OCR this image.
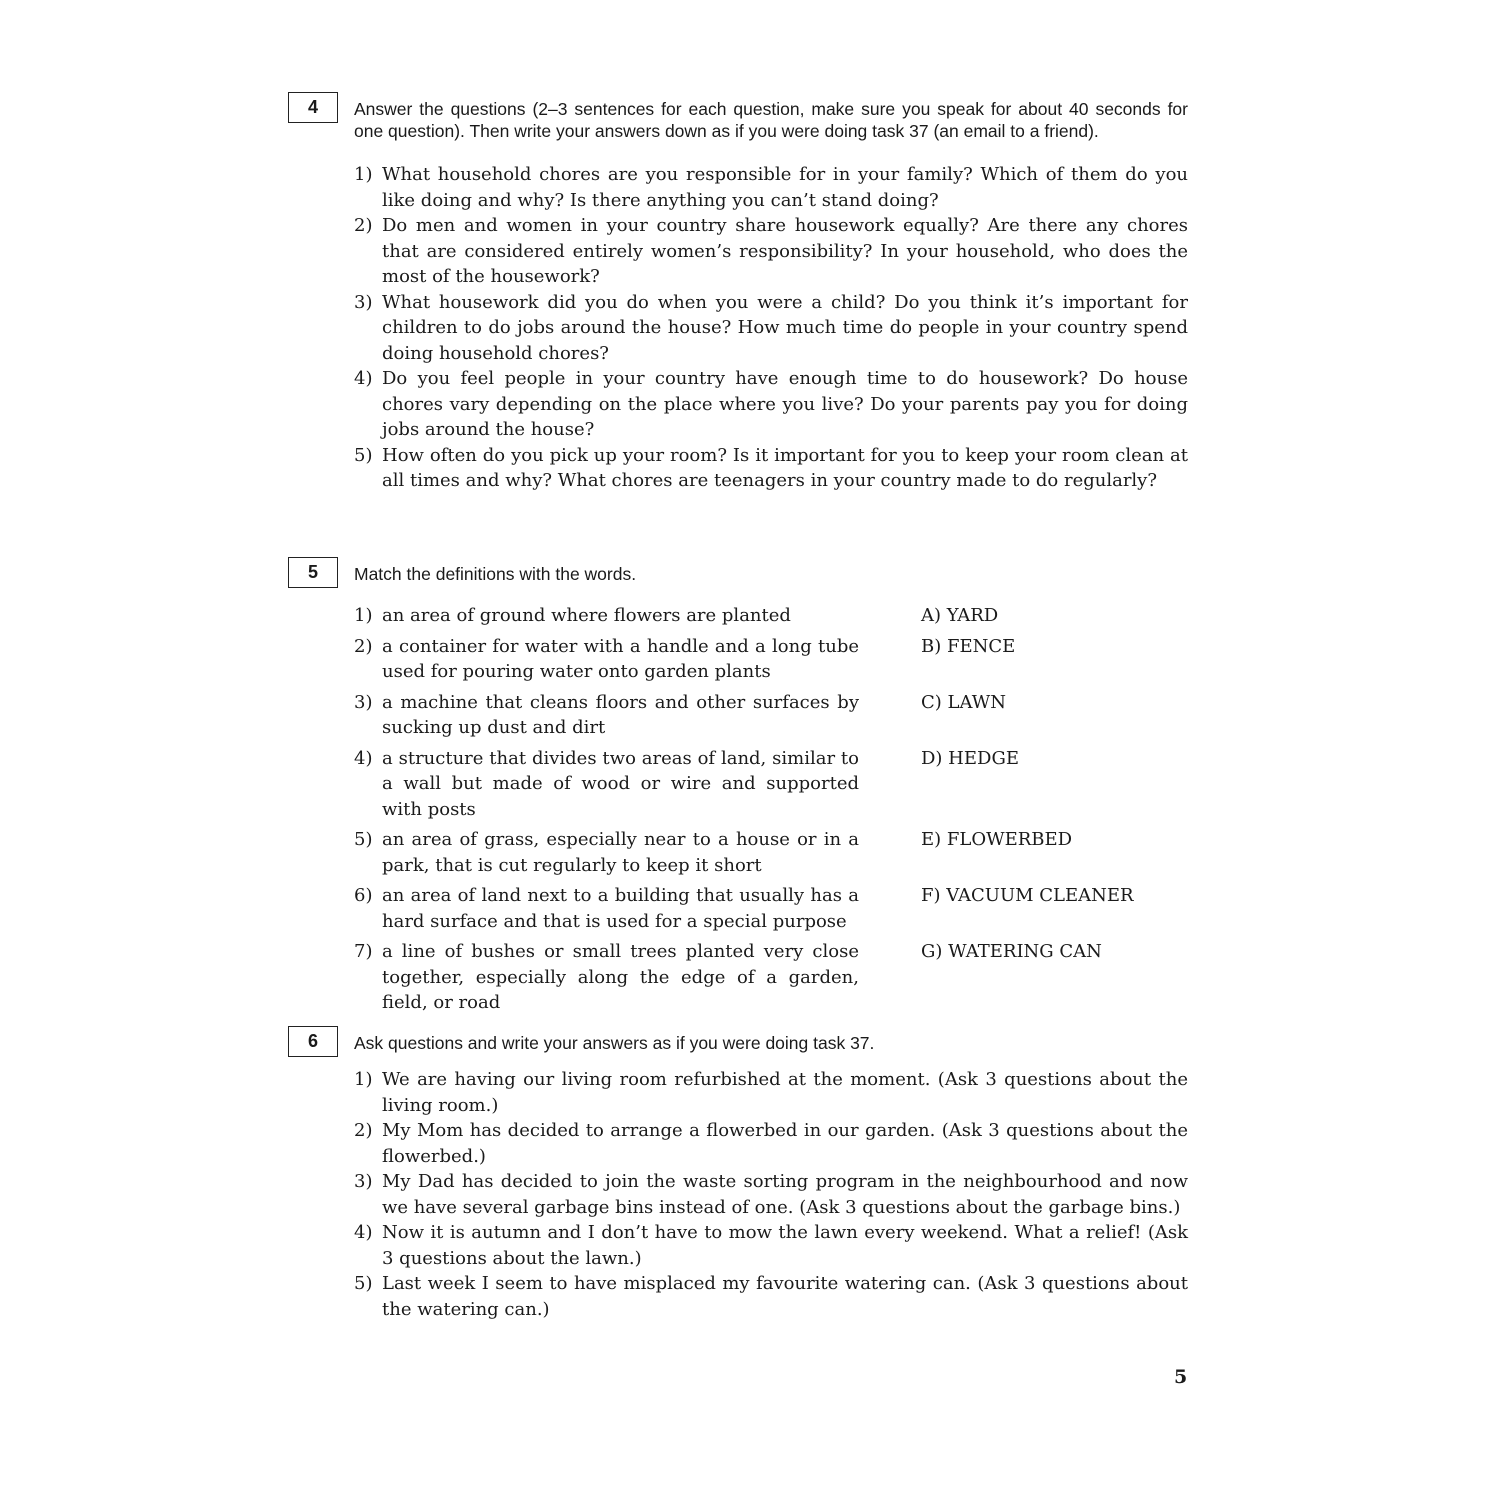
4	Answer the questions (2–3 sentences for each question, make sure you speak for about 40 seconds for one question). Then write your answers down as if you were doing task 37 (an email to a friend).

1) What household chores are you responsible for in your family? Which of them do you like doing and why? Is there anything you can’t stand doing?
2) Do men and women in your country share housework equally? Are there any chores that are considered entirely women’s responsibility? In your household, who does the most of the housework?
3) What housework did you do when you were a child? Do you think it’s important for children to do jobs around the house? How much time do people in your country spend doing household chores?
4) Do you feel people in your country have enough time to do housework? Do house chores vary depending on the place where you live? Do your parents pay you for doing jobs around the house?
5) How often do you pick up your room? Is it important for you to keep your room clean at all times and why? What chores are teenagers in your country made to do regularly?
5	Match the definitions with the words.

1) an area of ground where flowers are planted	A) YARD
2) a container for water with a handle and a long tube used for pouring water onto garden plants
B) FENCE
3) a machine that cleans floors and other surfaces by sucking up dust and dirt
C) LAWN
4) a structure that divides two areas of land, similar to a wall but made of wood or wire and supported with posts
D) HEDGE
5) an area of grass, especially near to a house or in a park, that is cut regularly to keep it short
E) FLOWERBED
6) an area of land next to a building that usually has a hard surface and that is used for a special purpose
F) VACUUM CLEANER
7) a line of bushes or small trees planted very close together, especially along the edge of a garden, field, or road
G) WATERING CAN
6	Ask questions and write your answers as if you were doing task 37.

1) We are having our living room refurbished at the moment. (Ask 3 questions about the living room.)
2) My Mom has decided to arrange a flowerbed in our garden. (Ask 3 questions about the flowerbed.)
3) My Dad has decided to join the waste sorting program in the neighbourhood and now we have several garbage bins instead of one. (Ask 3 questions about the garbage bins.)
4) Now it is autumn and I don’t have to mow the lawn every weekend. What a relief! (Ask 3 questions about the lawn.)
5) Last week I seem to have misplaced my favourite watering can. (Ask 3 questions about the watering can.)
5
